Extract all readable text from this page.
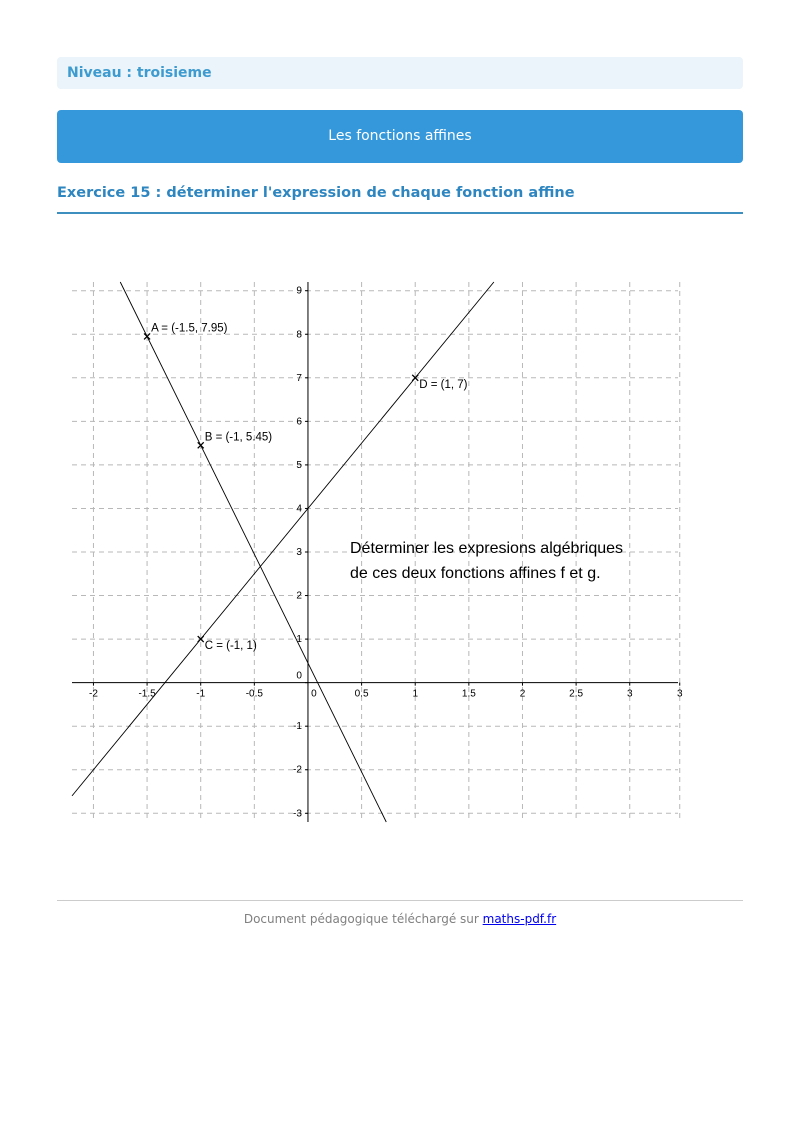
Niveau : troisieme
Les fonctions affines
Exercice 15 : déterminer l'expression de chaque fonction affine
-2	-1.5	-1	-0.5	0	0.5	1	1.5	2	2.5	3	3
-3
-2
-1
0
1
2
3
4
5
6
7
8
9
A = (-1.5, 7.95)
B = (-1, 5.45)
C = (-1, 1)
D = (1, 7)
Déterminer les expresions algébriques
de ces deux fonctions affines f et g.
Document pédagogique téléchargé sur maths-pdf.fr
